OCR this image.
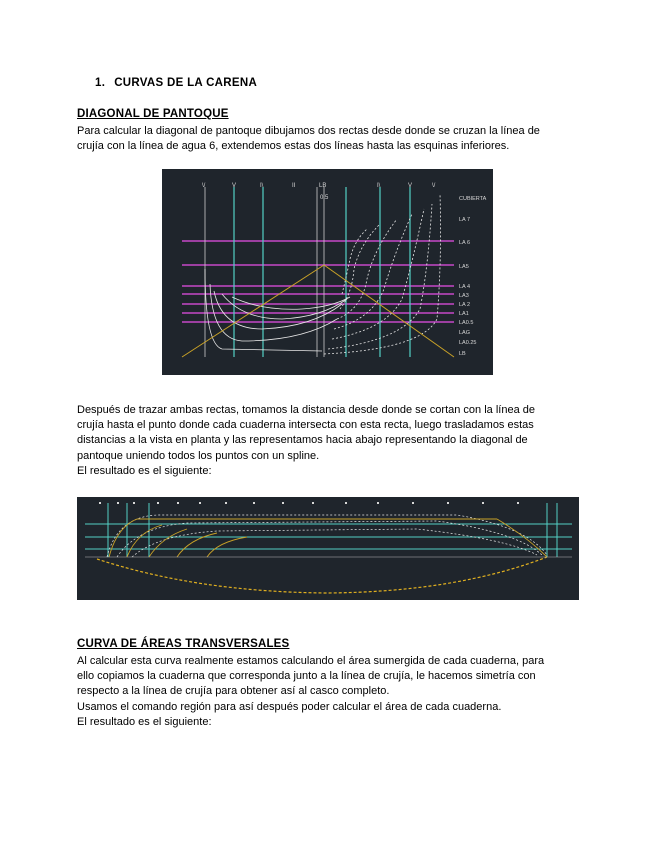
1. CURVAS DE LA CARENA
DIAGONAL DE PANTOQUE

Para calcular la diagonal de pantoque dibujamos dos rectas desde donde se cruzan la línea de

crujía con la línea de agua 6, extendemos estas dos líneas hasta las esquinas inferiores.

\/	V	I\	II	LB	I\	V	\/
0.5	CUBIERTA
LA 7
LA 6
LA5
LA 4
LA3
LA 2
LA1
LA0.5
LAG
LA0.25
LB

Después de trazar ambas rectas, tomamos la distancia desde donde se cortan con la línea de

crujía hasta el punto donde cada cuaderna intersecta con esta recta, luego trasladamos estas

distancias a la vista en planta y las representamos hacia abajo representando la diagonal de

pantoque uniendo todos los puntos con un spline.

El resultado es el siguiente:

CURVA DE ÁREAS TRANSVERSALES

Al calcular esta curva realmente estamos calculando el área sumergida de cada cuaderna, para

ello copiamos la cuaderna que corresponda junto a la línea de crujía, le hacemos simetría con

respecto a la línea de crujía para obtener así al casco completo.

Usamos el comando región para así después poder calcular el área de cada cuaderna.

El resultado es el siguiente:
